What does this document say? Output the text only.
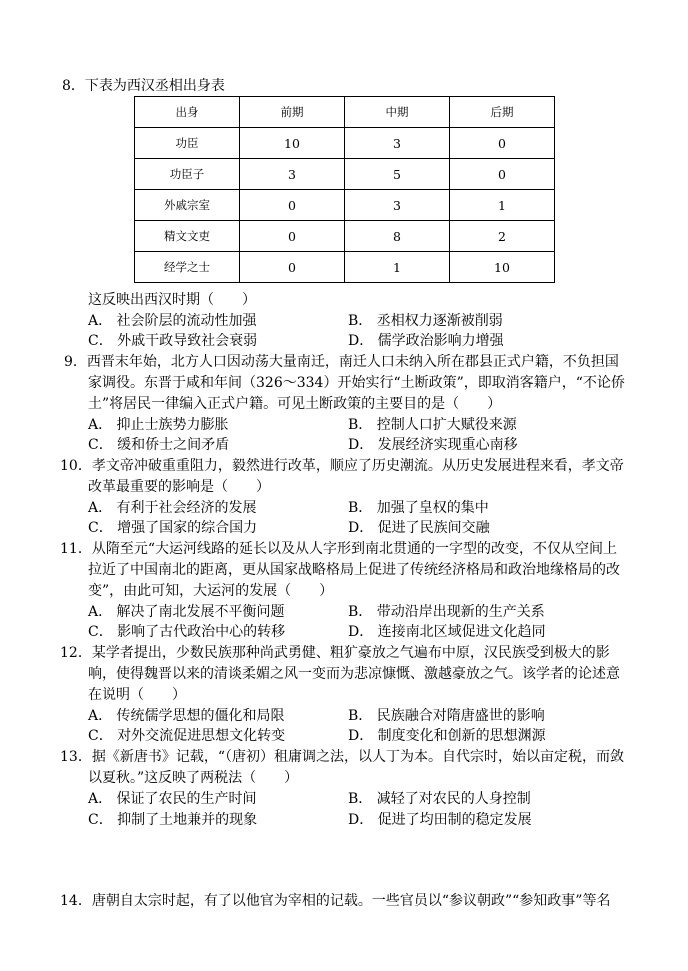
8．下表为西汉丞相出身表
出身	前期	中期	后期
功臣	10	3	0
功臣子	3	5	0
外戚宗室	0	3	1
精文文吏	0	8	2
经学之士	0	1	10
这反映出西汉时期（　　）
A． 社会阶层的流动性加强	B． 丞相权力逐渐被削弱
C． 外戚干政导致社会衰弱	D． 儒学政治影响力增强
9．西晋末年始，北方人口因动荡大量南迁，南迁人口未纳入所在郡县正式户籍，不负担国
家调役。东晋于咸和年间（326～334）开始实行“土断政策”，即取消客籍户，“不论侨
土”将居民一律编入正式户籍。可见土断政策的主要目的是（　　）
A． 抑止士族势力膨胀	B． 控制人口扩大赋役来源
C． 缓和侨士之间矛盾	D． 发展经济实现重心南移
10．孝文帝冲破重重阻力，毅然进行改革，顺应了历史潮流。从历史发展进程来看，孝文帝
改革最重要的影响是（　　）
A． 有利于社会经济的发展	B． 加强了皇权的集中
C． 增强了国家的综合国力	D． 促进了民族间交融
11．从隋至元“大运河线路的延长以及从人字形到南北贯通的一字型的改变，不仅从空间上
拉近了中国南北的距离，更从国家战略格局上促进了传统经济格局和政治地缘格局的改
变”，由此可知，大运河的发展（　　）
A． 解决了南北发展不平衡问题	B． 带动沿岸出现新的生产关系
C． 影响了古代政治中心的转移	D． 连接南北区域促进文化趋同
12．某学者提出，少数民族那种尚武勇健、粗犷豪放之气遍布中原，汉民族受到极大的影
响，使得魏晋以来的清谈柔媚之风一变而为悲凉慷慨、激越豪放之气。该学者的论述意
在说明（　　）
A． 传统儒学思想的僵化和局限	B． 民族融合对隋唐盛世的影响
C． 对外交流促进思想文化转变	D． 制度变化和创新的思想渊源
13．据《新唐书》记载，“（唐初）租庸调之法，以人丁为本。自代宗时，始以亩定税，而敛
以夏秋。”这反映了两税法（　　）
A． 保证了农民的生产时间	B． 减轻了对农民的人身控制
C． 抑制了土地兼并的现象	D． 促进了均田制的稳定发展
14．唐朝自太宗时起，有了以他官为宰相的记载。一些官员以“参议朝政”“参知政事”等名
